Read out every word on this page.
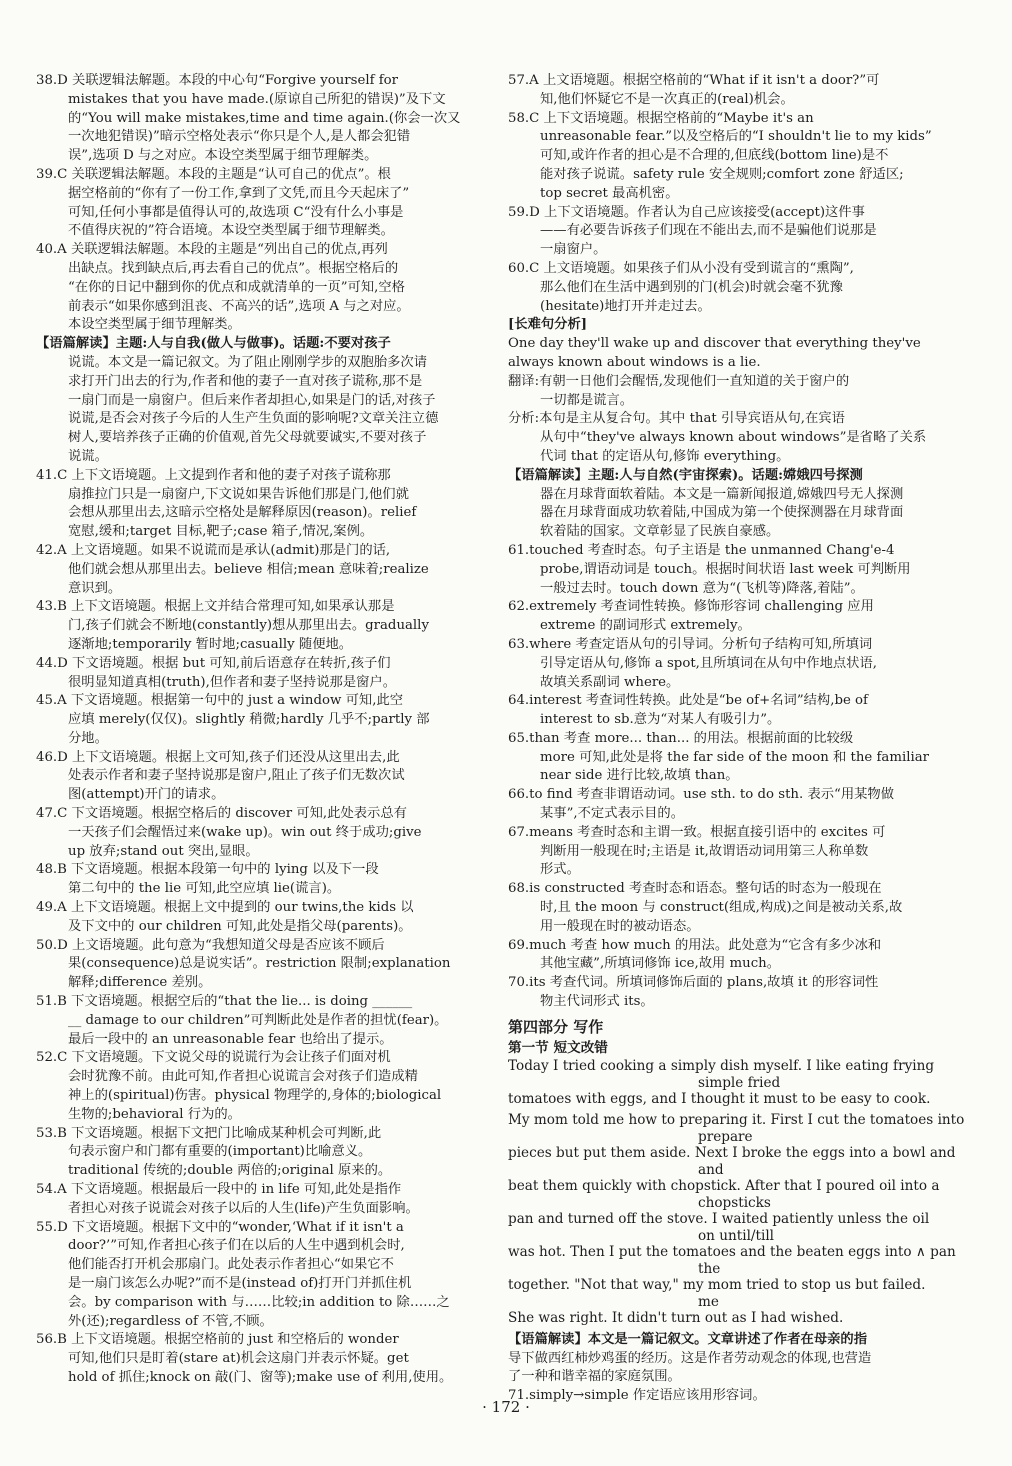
38.D 关联逻辑法解题。本段的中心句“Forgive yourself for
mistakes that you have made.(原谅自己所犯的错误)”及下文
的“You will make mistakes,time and time again.(你会一次又
一次地犯错误)”暗示空格处表示“你只是个人,是人都会犯错
误”,选项 D 与之对应。本设空类型属于细节理解类。
39.C 关联逻辑法解题。本段的主题是“认可自己的优点”。根
据空格前的“你有了一份工作,拿到了文凭,而且今天起床了”
可知,任何小事都是值得认可的,故选项 C“没有什么小事是
不值得庆祝的”符合语境。本设空类型属于细节理解类。
40.A 关联逻辑法解题。本段的主题是“列出自己的优点,再列
出缺点。找到缺点后,再去看自己的优点”。根据空格后的
“在你的日记中翻到你的优点和成就清单的一页”可知,空格
前表示“如果你感到沮丧、不高兴的话”,选项 A 与之对应。
本设空类型属于细节理解类。
【语篇解读】主题:人与自我(做人与做事)。话题:不要对孩子
说谎。本文是一篇记叙文。为了阻止刚刚学步的双胞胎多次请
求打开门出去的行为,作者和他的妻子一直对孩子谎称,那不是
一扇门而是一扇窗户。但后来作者却担心,如果是门的话,对孩子
说谎,是否会对孩子今后的人生产生负面的影响呢?文章关注立德
树人,要培养孩子正确的价值观,首先父母就要诚实,不要对孩子
说谎。
41.C 上下文语境题。上文提到作者和他的妻子对孩子谎称那
扇推拉门只是一扇窗户,下文说如果告诉他们那是门,他们就
会想从那里出去,这暗示空格处是解释原因(reason)。relief
宽慰,缓和;target 目标,靶子;case 箱子,情况,案例。
42.A 上文语境题。如果不说谎而是承认(admit)那是门的话,
他们就会想从那里出去。believe 相信;mean 意味着;realize
意识到。
43.B 上下文语境题。根据上文并结合常理可知,如果承认那是
门,孩子们就会不断地(constantly)想从那里出去。gradually
逐渐地;temporarily 暂时地;casually 随便地。
44.D 下文语境题。根据 but 可知,前后语意存在转折,孩子们
很明显知道真相(truth),但作者和妻子坚持说那是窗户。
45.A 下文语境题。根据第一句中的 just a window 可知,此空
应填 merely(仅仅)。slightly 稍微;hardly 几乎不;partly 部
分地。
46.D 上下文语境题。根据上文可知,孩子们还没从这里出去,此
处表示作者和妻子坚持说那是窗户,阻止了孩子们无数次试
图(attempt)开门的请求。
47.C 下文语境题。根据空格后的 discover 可知,此处表示总有
一天孩子们会醒悟过来(wake up)。win out 终于成功;give
up 放弃;stand out 突出,显眼。
48.B 下文语境题。根据本段第一句中的 lying 以及下一段
第二句中的 the lie 可知,此空应填 lie(谎言)。
49.A 上下文语境题。根据上文中提到的 our twins,the kids 以
及下文中的 our children 可知,此处是指父母(parents)。
50.D 上文语境题。此句意为“我想知道父母是否应该不顾后
果(consequence)总是说实话”。restriction 限制;explanation
解释;difference 差别。
51.B 下文语境题。根据空后的“that the lie... is doing ______
__ damage to our children”可判断此处是作者的担忧(fear)。
最后一段中的 an unreasonable fear 也给出了提示。
52.C 下文语境题。下文说父母的说谎行为会让孩子们面对机
会时犹豫不前。由此可知,作者担心说谎言会对孩子们造成精
神上的(spiritual)伤害。physical 物理学的,身体的;biological
生物的;behavioral 行为的。
53.B 下文语境题。根据下文把门比喻成某种机会可判断,此
句表示窗户和门都有重要的(important)比喻意义。
traditional 传统的;double 两倍的;original 原来的。
54.A 下文语境题。根据最后一段中的 in life 可知,此处是指作
者担心对孩子说谎会对孩子以后的人生(life)产生负面影响。
55.D 下文语境题。根据下文中的“wonder,‘What if it isn't a
door?’”可知,作者担心孩子们在以后的人生中遇到机会时,
他们能否打开机会那扇门。此处表示作者担心“如果它不
是一扇门该怎么办呢?”而不是(instead of)打开门并抓住机
会。by comparison with 与……比较;in addition to 除……之
外(还);regardless of 不管,不顾。
56.B 上下文语境题。根据空格前的 just 和空格后的 wonder
可知,他们只是盯着(stare at)机会这扇门并表示怀疑。get
hold of 抓住;knock on 敲(门、窗等);make use of 利用,使用。
57.A 上文语境题。根据空格前的“What if it isn't a door?”可
知,他们怀疑它不是一次真正的(real)机会。
58.C 上下文语境题。根据空格前的“Maybe it's an
unreasonable fear.”以及空格后的“I shouldn't lie to my kids”
可知,或许作者的担心是不合理的,但底线(bottom line)是不
能对孩子说谎。safety rule 安全规则;comfort zone 舒适区;
top secret 最高机密。
59.D 上下文语境题。作者认为自己应该接受(accept)这件事
——有必要告诉孩子们现在不能出去,而不是骗他们说那是
一扇窗户。
60.C 上文语境题。如果孩子们从小没有受到谎言的“熏陶”,
那么他们在生活中遇到别的门(机会)时就会毫不犹豫
(hesitate)地打开并走过去。
[长难句分析]
One day they'll wake up and discover that everything they've
always known about windows is a lie.
翻译:有朝一日他们会醒悟,发现他们一直知道的关于窗户的
一切都是谎言。
分析:本句是主从复合句。其中 that 引导宾语从句,在宾语
从句中“they've always known about windows”是省略了关系
代词 that 的定语从句,修饰 everything。
【语篇解读】主题:人与自然(宇宙探索)。话题:嫦娥四号探测
器在月球背面软着陆。本文是一篇新闻报道,嫦娥四号无人探测
器在月球背面成功软着陆,中国成为第一个使探测器在月球背面
软着陆的国家。文章彰显了民族自豪感。
61.touched 考查时态。句子主语是 the unmanned Chang'e-4
probe,谓语动词是 touch。根据时间状语 last week 可判断用
一般过去时。touch down 意为“(飞机等)降落,着陆”。
62.extremely 考查词性转换。修饰形容词 challenging 应用
extreme 的副词形式 extremely。
63.where 考查定语从句的引导词。分析句子结构可知,所填词
引导定语从句,修饰 a spot,且所填词在从句中作地点状语,
故填关系副词 where。
64.interest 考查词性转换。此处是“be of+名词”结构,be of
interest to sb.意为“对某人有吸引力”。
65.than 考查 more... than... 的用法。根据前面的比较级
more 可知,此处是将 the far side of the moon 和 the familiar
near side 进行比较,故填 than。
66.to find 考查非谓语动词。use sth. to do sth. 表示“用某物做
某事”,不定式表示目的。
67.means 考查时态和主谓一致。根据直接引语中的 excites 可
判断用一般现在时;主语是 it,故谓语动词用第三人称单数
形式。
68.is constructed 考查时态和语态。整句话的时态为一般现在
时,且 the moon 与 construct(组成,构成)之间是被动关系,故
用一般现在时的被动语态。
69.much 考查 how much 的用法。此处意为“它含有多少冰和
其他宝藏”,所填词修饰 ice,故用 much。
70.its 考查代词。所填词修饰后面的 plans,故填 it 的形容词性
物主代词形式 its。
第四部分 写作
第一节 短文改错
Today I tried cooking a simply dish myself. I like eating frying
simple fried
tomatoes with eggs, and I thought it must to be easy to cook.
My mom told me how to preparing it. First I cut the tomatoes into
prepare
pieces but put them aside. Next I broke the eggs into a bowl and
and
beat them quickly with chopstick. After that I poured oil into a
chopsticks
pan and turned off the stove. I waited patiently unless the oil
on until/till
was hot. Then I put the tomatoes and the beaten eggs into ∧ pan
the
together. "Not that way," my mom tried to stop us but failed.
me
She was right. It didn't turn out as I had wished.
【语篇解读】本文是一篇记叙文。文章讲述了作者在母亲的指
导下做西红柿炒鸡蛋的经历。这是作者劳动观念的体现,也营造
了一种和谐幸福的家庭氛围。
71.simply→simple 作定语应该用形容词。
· 172 ·
